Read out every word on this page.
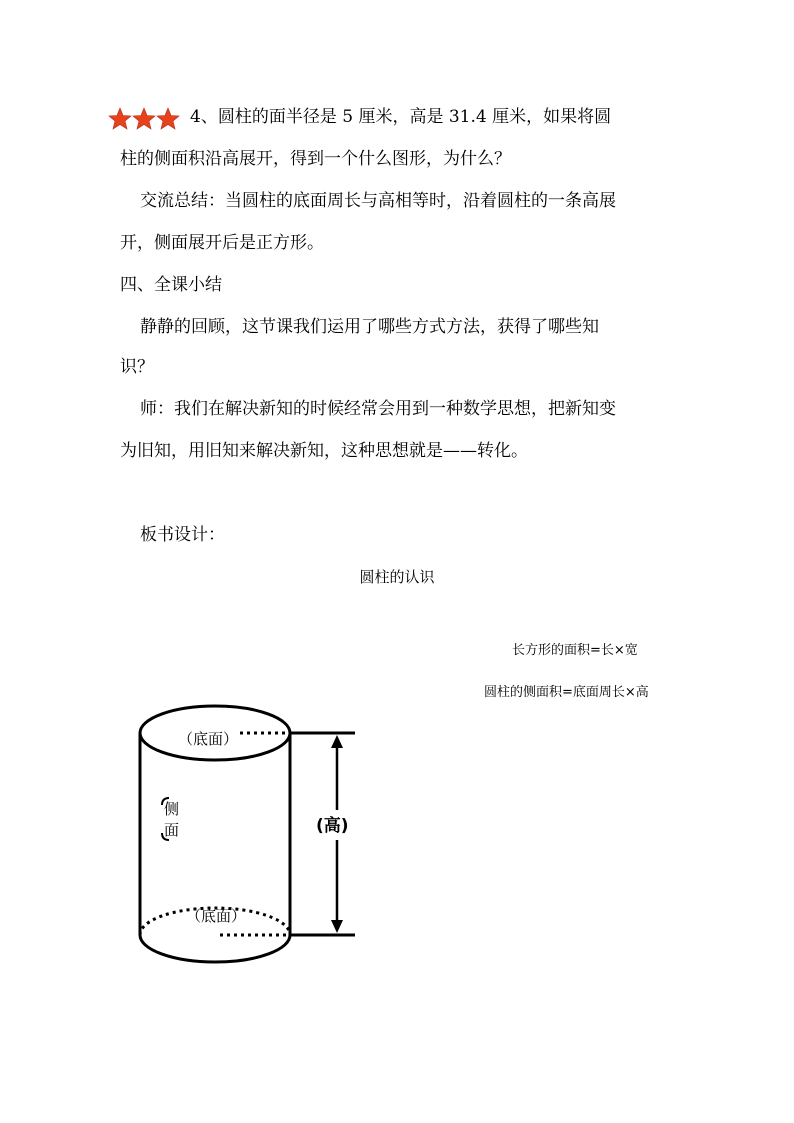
4、圆柱的面半径是 5 厘米，高是 31.4 厘米，如果将圆
柱的侧面积沿高展开，得到一个什么图形，为什么？
交流总结：当圆柱的底面周长与高相等时，沿着圆柱的一条高展
开，侧面展开后是正方形。
四、全课小结
静静的回顾，这节课我们运用了哪些方式方法，获得了哪些知
识？
师：我们在解决新知的时候经常会用到一种数学思想，把新知变
为旧知，用旧知来解决新知，这种思想就是——转化。
板书设计：
圆柱的认识
长方形的面积=长×宽
圆柱的侧面积=底面周长×高
（底面）
（底面）
(高)
侧
面
